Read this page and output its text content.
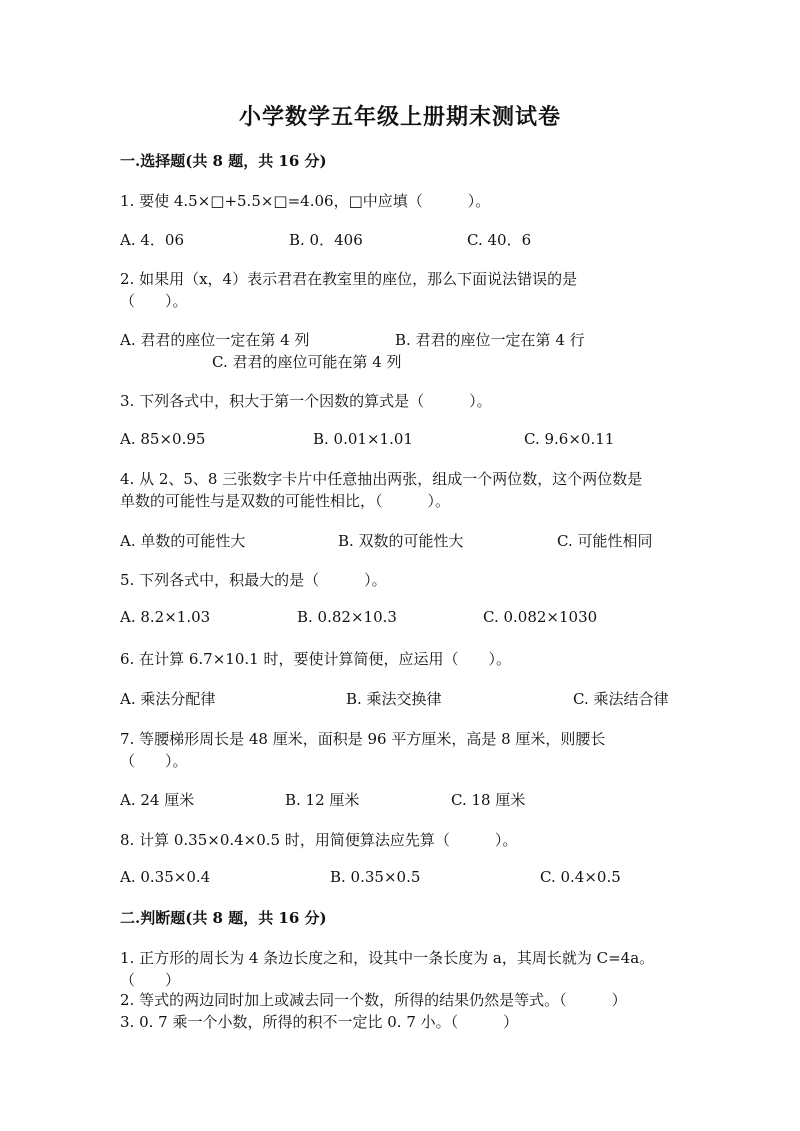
小学数学五年级上册期末测试卷
一.选择题(共 8 题，共 16 分)
1. 要使 4.5×□+5.5×□=4.06，□中应填（　　　）。
A. 4．06	B. 0．406	C. 40．6
2. 如果用（x，4）表示君君在教室里的座位，那么下面说法错误的是
（　　）。
A. 君君的座位一定在第 4 列	B. 君君的座位一定在第 4 行
C. 君君的座位可能在第 4 列
3. 下列各式中，积大于第一个因数的算式是（　　　）。
A. 85×0.95	B. 0.01×1.01	C. 9.6×0.11
4. 从 2、5、8 三张数字卡片中任意抽出两张，组成一个两位数，这个两位数是
单数的可能性与是双数的可能性相比，（　　　）。
A. 单数的可能性大	B. 双数的可能性大	C. 可能性相同
5. 下列各式中，积最大的是（　　　）。
A. 8.2×1.03	B. 0.82×10.3	C. 0.082×1030
6. 在计算 6.7×10.1 时，要使计算简便，应运用（　　）。
A. 乘法分配律	B. 乘法交换律	C. 乘法结合律
7. 等腰梯形周长是 48 厘米，面积是 96 平方厘米，高是 8 厘米，则腰长
（　　）。
A. 24 厘米	B. 12 厘米	C. 18 厘米
8. 计算 0.35×0.4×0.5 时，用简便算法应先算（　　　）。
A. 0.35×0.4	B. 0.35×0.5	C. 0.4×0.5
二.判断题(共 8 题，共 16 分)
1. 正方形的周长为 4 条边长度之和，设其中一条长度为 a，其周长就为 C=4a。
（　　）
2. 等式的两边同时加上或减去同一个数，所得的结果仍然是等式。（　　　）
3. 0. 7 乘一个小数，所得的积不一定比 0. 7 小。（　　　）
